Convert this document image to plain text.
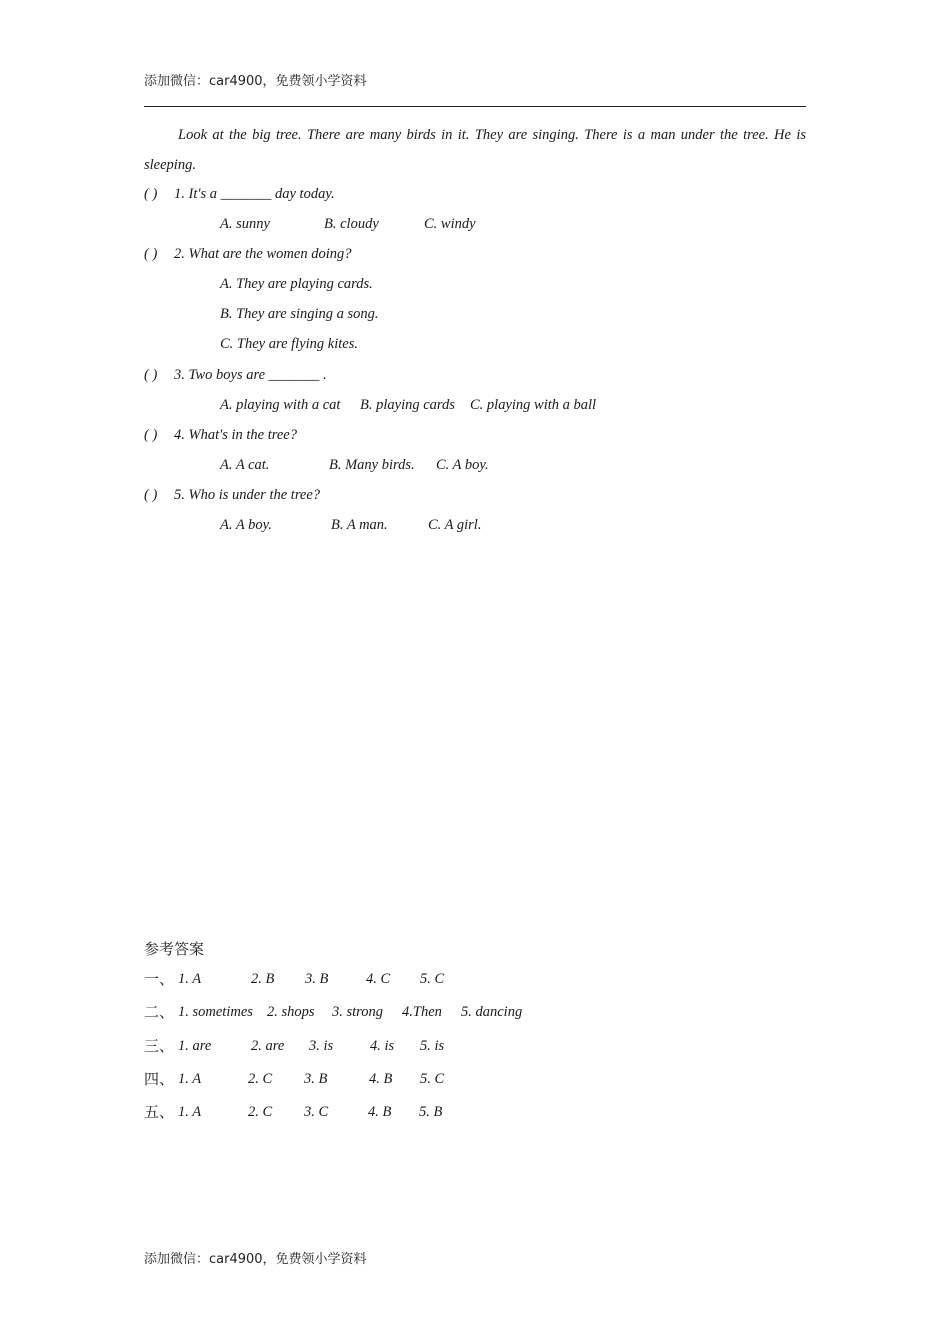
添加微信：car4900，免费领小学资料

Look at the big tree. There are many birds in it. They are singing. There is a man under the tree. He is sleeping.

( ) 1. It's a _______ day today.
A. sunny	B. cloudy	C. windy
( ) 2. What are the women doing?
A. They are playing cards.
B. They are singing a song.
C. They are flying kites.
( ) 3. Two boys are _______ .
A. playing with a cat B. playing cards C. playing with a ball
( ) 4. What's in the tree?
A. A cat.	B. Many birds. C. A boy.
( ) 5. Who is under the tree?
A. A boy.	B. A man.	C. A girl.
参考答案
一、 1. A	2. B 3. B	4. C 5. C
二、 1. sometimes 2. shops 3. strong 4.Then 5. dancing
三、 1. are	2. are 3. is	4. is 5. is
四、 1. A	2. C 3. B	4. B 5. C
五、 1. A	2. C 3. C	4. B 5. B
添加微信：car4900，免费领小学资料
